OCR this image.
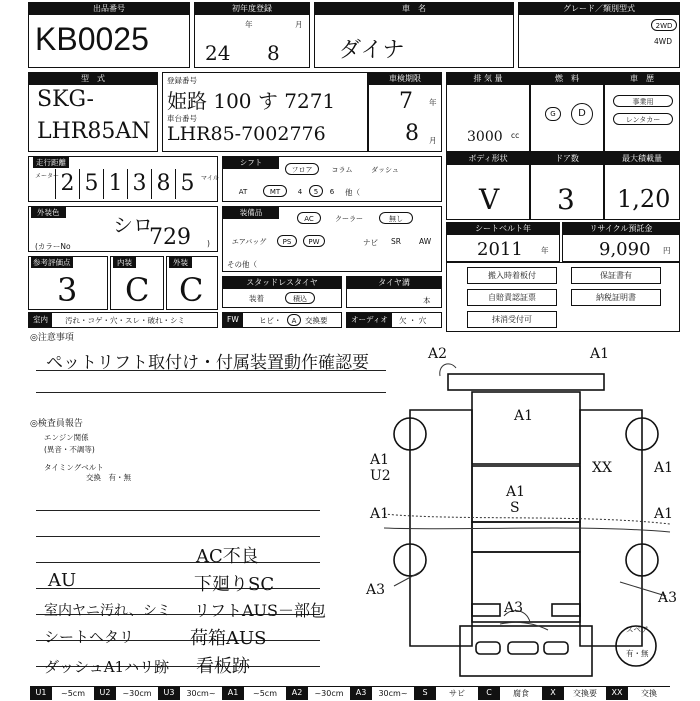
出品番号
KB0025
初年度登録
年	月
24 8
車　名
ダイナ
グレード／類別型式
2WD
4WD
型　式
SKG-
LHR85AN
登録番号
姫路 100 す 7271
車台番号
LHR85-7002776
車検期限
7 年
8 月
排 気 量
3000 cc
燃　料
G	D
車　歴
事業用
レンタカー
走行距離
メーター	マイル
2 5 1 3 8 5
シフト
フロア	コラム	ダッシュ
AT	MT	4	5	6	他（
ボディ形状
V
ドア数
3
最大積載量
1,20
外装色
シロ
(カラーNo	729 )
装備品
AC	クーラー	無し
エアバッグ	PS	PW	ナビ SR AW
その他（
シートベルト年
2011 年
リサイクル預託金
9,090 円
参考評価点
3
内装
C
外装
C	スタッドレスタイヤ
装着	積込
タイヤ溝
本
搬入時着板付	保証書有
自賠責認証票	納税証明書
抹消受付可
室内	汚れ・コゲ・穴・スレ・破れ・シミ	FW	ヒビ・	A	交換要	オーディオ	欠 ・ 穴
◎注意事項
ペットリフト取付け・付属装置動作確認要
◎検査員報告
エンジン関係
(異音・不調等)
タイミングベルト
交換　有・無
AC不良
下廻りSC
リフトAUS－部包
荷箱AUS
看板跡
AU
室内ヤニ汚れ、シミ
シートヘタリ
ダッシュA1ハリ跡
A2	A1
A1
A1
U2	XX	A1
A1
S
A1	A1
A3	A3
A3
スペア
有・無
U1	~5cm	U2	~30cm	U3	30cm~	A1	~5cm	A2	~30cm	A3	30cm~	S	サビ	C	腐食	X	交換要	XX	交換
